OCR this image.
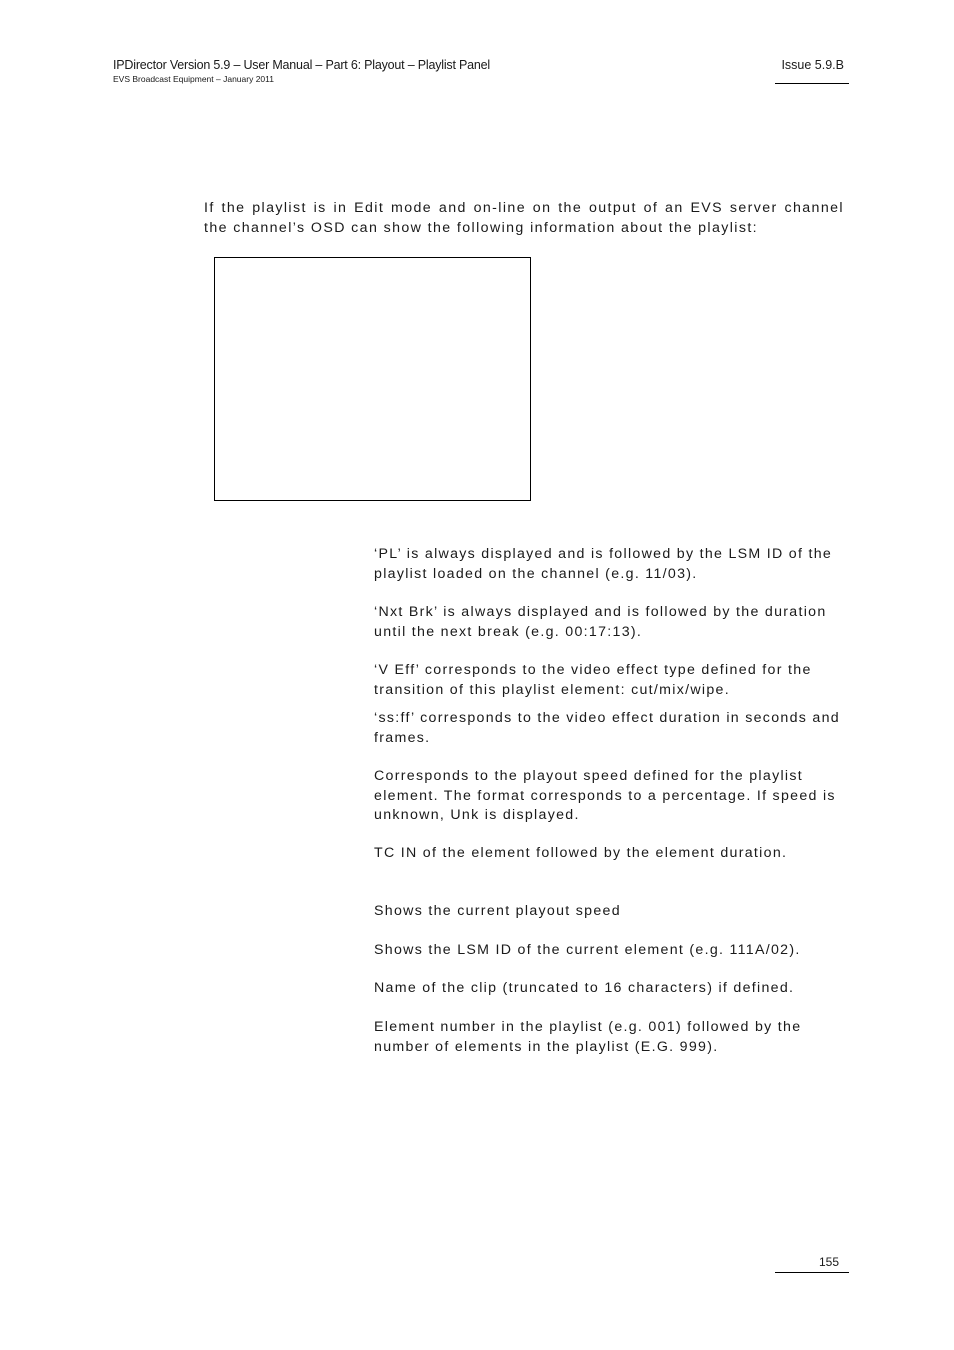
IPDirector Version 5.9 – User Manual – Part 6: Playout – Playlist Panel
EVS Broadcast Equipment – January 2011
Issue 5.9.B
If the playlist is in Edit mode and on-line on the output of an EVS server channel the channel’s OSD can show the following information about the playlist:
‘PL’ is always displayed and is followed by the LSM ID of the playlist loaded on the channel (e.g. 11/03).
‘Nxt Brk’ is always displayed and is followed by the duration until the next break (e.g. 00:17:13).
‘V Eff’ corresponds to the video effect type defined for the transition of this playlist element: cut/mix/wipe.
‘ss:ff’ corresponds to the video effect duration in seconds and frames.
Corresponds to the playout speed defined for the playlist element. The format corresponds to a percentage. If speed is unknown, Unk is displayed.
TC IN of the element followed by the element duration.
Shows the current playout speed
Shows the LSM ID of the current element (e.g. 111A/02).
Name of the clip (truncated to 16 characters) if defined.
Element number in the playlist (e.g. 001) followed by the number of elements in the playlist (E.G. 999).
155
